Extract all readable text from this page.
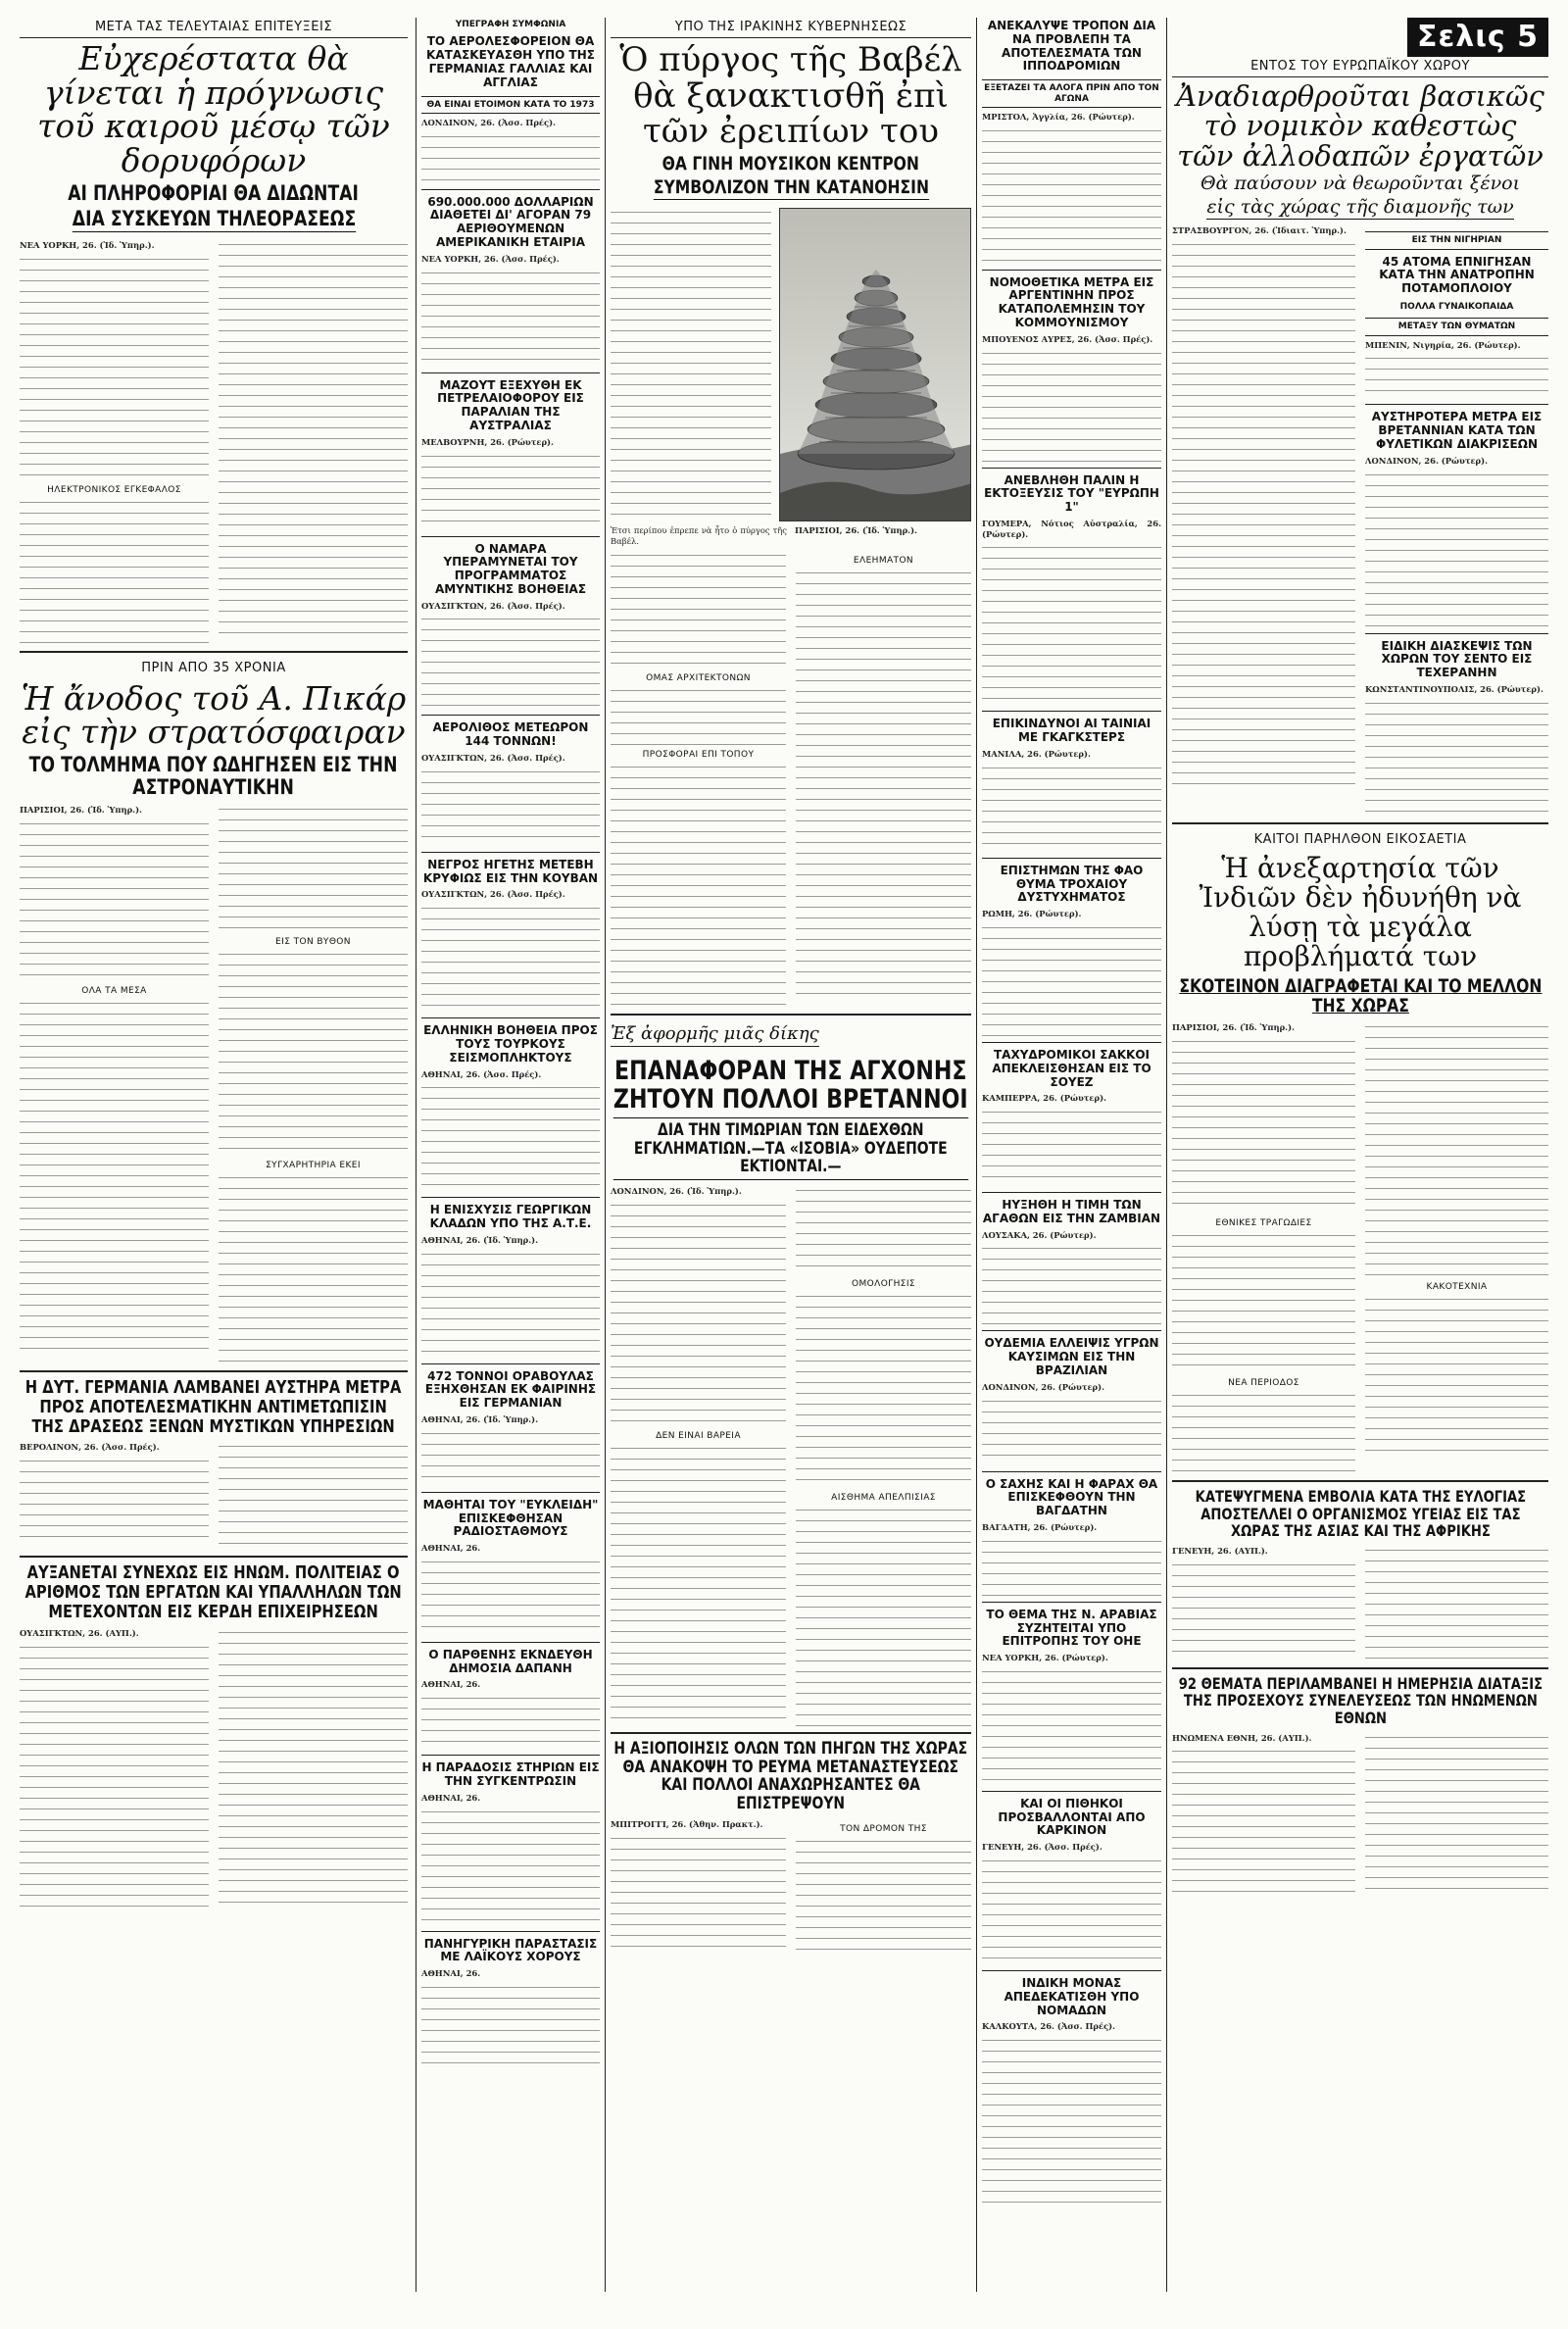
ΜΕΤΑ ΤΑΣ ΤΕΛΕΥΤΑΙΑΣ ΕΠΙΤΕΥΞΕΙΣ
Εὐχερέστατα θὰ γίνεται ἡ πρόγνωσις τοῦ καιροῦ μέσῳ τῶν δορυφόρων
ΑΙ ΠΛΗΡΟΦΟΡΙΑΙ ΘΑ ΔΙΔΩΝΤΑΙ
ΔΙΑ ΣΥΣΚΕΥΩΝ ΤΗΛΕΟΡΑΣΕΩΣ

ΝΕΑ ΥΟΡΚΗ, 26. (Ἰδ. Ὑπηρ.).

ΗΛΕΚΤΡΟΝΙΚΟΣ ΕΓΚΕΦΑΛΟΣ
ΠΡΙΝ ΑΠΟ 35 ΧΡΟΝΙΑ
Ἡ ἄνοδος τοῦ Α. Πικάρ εἰς τὴν στρατόσφαιραν
ΤΟ ΤΟΛΜΗΜΑ ΠΟΥ ΩΔΗΓΗΣΕΝ ΕΙΣ ΤΗΝ ΑΣΤΡΟΝΑΥΤΙΚΗΝ

ΠΑΡΙΣΙΟΙ, 26. (Ἰδ. Ὑπηρ.).

ΟΛΑ ΤΑ ΜΕΣΑ
ΕΙΣ ΤΟΝ ΒΥΘΟΝ
ΣΥΓΧΑΡΗΤΗΡΙΑ ΕΚΕΙ
Η ΔΥΤ. ΓΕΡΜΑΝΙΑ ΛΑΜΒΑΝΕΙ ΑΥΣΤΗΡΑ ΜΕΤΡΑ ΠΡΟΣ ΑΠΟΤΕΛΕΣΜΑΤΙΚΗΝ ΑΝΤΙΜΕΤΩΠΙΣΙΝ ΤΗΣ ΔΡΑΣΕΩΣ ΞΕΝΩΝ ΜΥΣΤΙΚΩΝ ΥΠΗΡΕΣΙΩΝ

ΒΕΡΟΛΙΝΟΝ, 26. (Ἀσσ. Πρές).

ΑΥΞΑΝΕΤΑΙ ΣΥΝΕΧΩΣ ΕΙΣ ΗΝΩΜ. ΠΟΛΙΤΕΙΑΣ Ο ΑΡΙΘΜΟΣ ΤΩΝ ΕΡΓΑΤΩΝ ΚΑΙ ΥΠΑΛΛΗΛΩΝ ΤΩΝ ΜΕΤΕΧΟΝΤΩΝ ΕΙΣ ΚΕΡΔΗ ΕΠΙΧΕΙΡΗΣΕΩΝ

ΟΥΑΣΙΓΚΤΩΝ, 26. (ΑΥΠ.).

ΥΠΕΓΡΑΦΗ ΣΥΜΦΩΝΙΑ
ΤΟ ΑΕΡΟΛΕΣΦΟΡΕΙΟΝ ΘΑ ΚΑΤΑΣΚΕΥΑΣΘΗ ΥΠΟ ΤΗΣ ΓΕΡΜΑΝΙΑΣ ΓΑΛΛΙΑΣ ΚΑΙ ΑΓΓΛΙΑΣ
ΘΑ ΕΙΝΑΙ ΕΤΟΙΜΟΝ ΚΑΤΑ ΤΟ 1973

ΛΟΝΔΙΝΟΝ, 26. (Ἀσσ. Πρές).

690.000.000 ΔΟΛΛΑΡΙΩΝ ΔΙΑΘΕΤΕΙ ΔΙ' ΑΓΟΡΑΝ 79 ΑΕΡΙΘΟΥΜΕΝΩΝ ΑΜΕΡΙΚΑΝΙΚΗ ΕΤΑΙΡΙΑ

ΝΕΑ ΥΟΡΚΗ, 26. (Ἀσσ. Πρές).

ΜΑΖΟΥΤ ΕΞΕΧΥΘΗ ΕΚ ΠΕΤΡΕΛΑΙΟΦΟΡΟΥ ΕΙΣ ΠΑΡΑΛΙΑΝ ΤΗΣ ΑΥΣΤΡΑΛΙΑΣ

ΜΕΛΒΟΥΡΝΗ, 26. (Ρώυτερ).

Ο ΝΑΜΑΡΑ ΥΠΕΡΑΜΥΝΕΤΑΙ ΤΟΥ ΠΡΟΓΡΑΜΜΑΤΟΣ ΑΜΥΝΤΙΚΗΣ ΒΟΗΘΕΙΑΣ

ΟΥΑΣΙΓΚΤΩΝ, 26. (Ἀσσ. Πρές).

ΑΕΡΟΛΙΘΟΣ ΜΕΤΕΩΡΟΝ 144 ΤΟΝΝΩΝ!

ΟΥΑΣΙΓΚΤΩΝ, 26. (Ἀσσ. Πρές).

ΝΕΓΡΟΣ ΗΓΕΤΗΣ ΜΕΤΕΒΗ ΚΡΥΦΙΩΣ ΕΙΣ ΤΗΝ ΚΟΥΒΑΝ

ΟΥΑΣΙΓΚΤΩΝ, 26. (Ἀσσ. Πρές).

ΕΛΛΗΝΙΚΗ ΒΟΗΘΕΙΑ ΠΡΟΣ ΤΟΥΣ ΤΟΥΡΚΟΥΣ ΣΕΙΣΜΟΠΛΗΚΤΟΥΣ

ΑΘΗΝΑΙ, 26. (Ἀσσ. Πρές).

Η ΕΝΙΣΧΥΣΙΣ ΓΕΩΡΓΙΚΩΝ ΚΛΑΔΩΝ ΥΠΟ ΤΗΣ Α.Τ.Ε.

ΑΘΗΝΑΙ, 26. (Ἰδ. Ὑπηρ.).

472 ΤΟΝΝΟΙ ΟΡΑΒΟΥΛΑΣ ΕΞΗΧΘΗΣΑΝ ΕΚ ΦΑΙΡΙΝΗΣ ΕΙΣ ΓΕΡΜΑΝΙΑΝ

ΑΘΗΝΑΙ, 26. (Ἰδ. Ὑπηρ.).

ΜΑΘΗΤΑΙ ΤΟΥ "ΕΥΚΛΕΙΔΗ" ΕΠΙΣΚΕΦΘΗΣΑΝ ΡΑΔΙΟΣΤΑΘΜΟΥΣ

ΑΘΗΝΑΙ, 26.

Ο ΠΑΡΘΕΝΗΣ ΕΚΝΔΕΥΘΗ ΔΗΜΟΣΙΑ ΔΑΠΑΝΗ

ΑΘΗΝΑΙ, 26.

Η ΠΑΡΑΔΟΣΙΣ ΣΤΗΡΙΩΝ ΕΙΣ ΤΗΝ ΣΥΓΚΕΝΤΡΩΣΙΝ

ΑΘΗΝΑΙ, 26.

ΠΑΝΗΓΥΡΙΚΗ ΠΑΡΑΣΤΑΣΙΣ ΜΕ ΛΑΪΚΟΥΣ ΧΟΡΟΥΣ

ΑΘΗΝΑΙ, 26.

ΥΠΟ ΤΗΣ ΙΡΑΚΙΝΗΣ ΚΥΒΕΡΝΗΣΕΩΣ
Ὁ πύργος τῆς Βαβέλ θὰ ξανακτισθῆ ἐπὶ τῶν ἐρειπίων του
ΘΑ ΓΙΝΗ ΜΟΥΣΙΚΟΝ ΚΕΝΤΡΟΝ
ΣΥΜΒΟΛΙΖΟΝ ΤΗΝ ΚΑΤΑΝΟΗΣΙΝ

Ἐτσι περίπου ἐπρεπε νὰ ἦτο ὁ πύργος τῆς Βαβέλ.

ΠΑΡΙΣΙΟΙ, 26. (Ἰδ. Ὑπηρ.).

ΟΜΑΣ ΑΡΧΙΤΕΚΤΟΝΩΝ
ΠΡΟΣΦΟΡΑΙ ΕΠΙ ΤΟΠΟΥ
ΕΛΕΗΜΑΤΟΝ
Ἐξ ἀφορμῆς μιᾶς δίκης
ΕΠΑΝΑΦΟΡΑΝ ΤΗΣ ΑΓΧΟΝΗΣ ΖΗΤΟΥΝ ΠΟΛΛΟΙ ΒΡΕΤΑΝΝΟΙ
ΔΙΑ ΤΗΝ ΤΙΜΩΡΙΑΝ ΤΩΝ ΕΙΔΕΧΘΩΝ ΕΓΚΛΗΜΑΤΙΩΝ.—ΤΑ «ΙΣΟΒΙΑ» ΟΥΔΕΠΟΤΕ ΕΚΤΙΟΝΤΑΙ.—

ΛΟΝΔΙΝΟΝ, 26. (Ἰδ. Ὑπηρ.).

ΔΕΝ ΕΙΝΑΙ ΒΑΡΕΙΑ
ΟΜΟΛΟΓΗΣΙΣ
ΑΙΣΘΗΜΑ ΑΠΕΛΠΙΣΙΑΣ
Η ΑΞΙΟΠΟΙΗΣΙΣ ΟΛΩΝ ΤΩΝ ΠΗΓΩΝ ΤΗΣ ΧΩΡΑΣ ΘΑ ΑΝΑΚΟΨΗ ΤΟ ΡΕΥΜΑ ΜΕΤΑΝΑΣΤΕΥΣΕΩΣ ΚΑΙ ΠΟΛΛΟΙ ΑΝΑΧΩΡΗΣΑΝΤΕΣ ΘΑ ΕΠΙΣΤΡΕΨΟΥΝ

ΜΠΙΤΡΟΓΓΙ, 26. (Ἀθην. Πρακτ.).	ΤΟΝ ΔΡΟΜΟΝ ΤΗΣ
ΑΝΕΚΑΛΥΨΕ ΤΡΟΠΟΝ ΔΙΑ ΝΑ ΠΡΟΒΛΕΠΗ ΤΑ ΑΠΟΤΕΛΕΣΜΑΤΑ ΤΩΝ ΙΠΠΟΔΡΟΜΙΩΝ
ΕΞΕΤΑΖΕΙ ΤΑ ΑΛΟΓΑ ΠΡΙΝ ΑΠΟ ΤΟΝ ΑΓΩΝΑ

ΜΡΙΣΤΟΛ, Ἀγγλία, 26. (Ρώυτερ).

ΝΟΜΟΘΕΤΙΚΑ ΜΕΤΡΑ ΕΙΣ ΑΡΓΕΝΤΙΝΗΝ ΠΡΟΣ ΚΑΤΑΠΟΛΕΜΗΣΙΝ ΤΟΥ ΚΟΜΜΟΥΝΙΣΜΟΥ

ΜΠΟΥΕΝΟΣ ΑΥΡΕΣ, 26. (Ἀσσ. Πρές).

ΑΝΕΒΛΗΘΗ ΠΑΛΙΝ Η ΕΚΤΟΞΕΥΣΙΣ ΤΟΥ "ΕΥΡΩΠΗ 1"

ΓΟΥΜΕΡΑ, Νότιος Αὐστραλία, 26. (Ρώυτερ).

ΕΠΙΚΙΝΔΥΝΟΙ ΑΙ ΤΑΙΝΙΑΙ ΜΕ ΓΚΑΓΚΣΤΕΡΣ

ΜΑΝΙΛΑ, 26. (Ρώυτερ).

ΕΠΙΣΤΗΜΩΝ ΤΗΣ ΦΑΟ ΘΥΜΑ ΤΡΟΧΑΙΟΥ ΔΥΣΤΥΧΗΜΑΤΟΣ

ΡΩΜΗ, 26. (Ρώυτερ).

ΤΑΧΥΔΡΟΜΙΚΟΙ ΣΑΚΚΟΙ ΑΠΕΚΛΕΙΣΘΗΣΑΝ ΕΙΣ ΤΟ ΣΟΥΕΖ

ΚΑΜΠΕΡΡΑ, 26. (Ρώυτερ).

ΗΥΞΗΘΗ Η ΤΙΜΗ ΤΩΝ ΑΓΑΘΩΝ ΕΙΣ ΤΗΝ ΖΑΜΒΙΑΝ

ΛΟΥΣΑΚΑ, 26. (Ρώυτερ).

ΟΥΔΕΜΙΑ ΕΛΛΕΙΨΙΣ ΥΓΡΩΝ ΚΑΥΣΙΜΩΝ ΕΙΣ ΤΗΝ ΒΡΑΖΙΛΙΑΝ

ΛΟΝΔΙΝΟΝ, 26. (Ρώυτερ).

Ο ΣΑΧΗΣ ΚΑΙ Η ΦΑΡΑΧ ΘΑ ΕΠΙΣΚΕΦΘΟΥΝ ΤΗΝ ΒΑΓΔΑΤΗΝ

ΒΑΓΔΑΤΗ, 26. (Ρώυτερ).

ΤΟ ΘΕΜΑ ΤΗΣ Ν. ΑΡΑΒΙΑΣ ΣΥΖΗΤΕΙΤΑΙ ΥΠΟ ΕΠΙΤΡΟΠΗΣ ΤΟΥ ΟΗΕ

ΝΕΑ ΥΟΡΚΗ, 26. (Ρώυτερ).

ΚΑΙ ΟΙ ΠΙΘΗΚΟΙ ΠΡΟΣΒΑΛΛΟΝΤΑΙ ΑΠΟ ΚΑΡΚΙΝΟΝ

ΓΕΝΕΥΗ, 26. (Ἀσσ. Πρές).

ΙΝΔΙΚΗ ΜΟΝΑΣ ΑΠΕΔΕΚΑΤΙΣΘΗ ΥΠΟ ΝΟΜΑΔΩΝ

ΚΑΛΚΟΥΤΑ, 26. (Ἀσσ. Πρές).

Σελις 5
ΕΝΤΟΣ ΤΟΥ ΕΥΡΩΠΑΪΚΟΥ ΧΩΡΟΥ
Ἀναδιαρθροῦται βασικῶς τὸ νομικὸν καθεστὼς τῶν ἀλλοδαπῶν ἐργατῶν
Θὰ παύσουν νὰ θεωροῦνται ξένοι
εἰς τὰς χώρας τῆς διαμονῆς των

ΣΤΡΑΣΒΟΥΡΓΟΝ, 26. (Ἰδιαιτ. Ὑπηρ.).

ΕΙΣ ΤΗΝ ΝΙΓΗΡΙΑΝ
45 ΑΤΟΜΑ ΕΠΝΙΓΗΣΑΝ ΚΑΤΑ ΤΗΝ ΑΝΑΤΡΟΠΗΝ ΠΟΤΑΜΟΠΛΟΙΟΥ
ΠΟΛΛΑ ΓΥΝΑΙΚΟΠΑΙΔΑ
ΜΕΤΑΞΥ ΤΩΝ ΘΥΜΑΤΩΝ

ΜΠΕΝΙΝ, Νιγηρία, 26. (Ρώυτερ).

ΑΥΣΤΗΡΟΤΕΡΑ ΜΕΤΡΑ ΕΙΣ ΒΡΕΤΑΝΝΙΑΝ ΚΑΤΑ ΤΩΝ ΦΥΛΕΤΙΚΩΝ ΔΙΑΚΡΙΣΕΩΝ

ΛΟΝΔΙΝΟΝ, 26. (Ρώυτερ).

ΕΙΔΙΚΗ ΔΙΑΣΚΕΨΙΣ ΤΩΝ ΧΩΡΩΝ ΤΟΥ ΣΕΝΤΟ ΕΙΣ ΤΕΧΕΡΑΝΗΝ

ΚΩΝΣΤΑΝΤΙΝΟΥΠΟΛΙΣ, 26. (Ρώυτερ).

ΚΑΙΤΟΙ ΠΑΡΗΛΘΟΝ ΕΙΚΟΣΑΕΤΙΑ
Ἡ ἀνεξαρτησία τῶν Ἰνδιῶν δὲν ἠδυνήθη νὰ λύσῃ τὰ μεγάλα προβλήματά των
ΣΚΟΤΕΙΝΟΝ ΔΙΑΓΡΑΦΕΤΑΙ ΚΑΙ ΤΟ ΜΕΛΛΟΝ ΤΗΣ ΧΩΡΑΣ

ΠΑΡΙΣΙΟΙ, 26. (Ἰδ. Ὑπηρ.).

ΕΘΝΙΚΕΣ ΤΡΑΓΩΔΙΕΣ
ΝΕΑ ΠΕΡΙΟΔΟΣ
ΚΑΚΟΤΕΧΝΙΑ
ΚΑΤΕΨΥΓΜΕΝΑ ΕΜΒΟΛΙΑ ΚΑΤΑ ΤΗΣ ΕΥΛΟΓΙΑΣ ΑΠΟΣΤΕΛΛΕΙ Ο ΟΡΓΑΝΙΣΜΟΣ ΥΓΕΙΑΣ ΕΙΣ ΤΑΣ ΧΩΡΑΣ ΤΗΣ ΑΣΙΑΣ ΚΑΙ ΤΗΣ ΑΦΡΙΚΗΣ

ΓΕΝΕΥΗ, 26. (ΑΥΠ.).

92 ΘΕΜΑΤΑ ΠΕΡΙΛΑΜΒΑΝΕΙ Η ΗΜΕΡΗΣΙΑ ΔΙΑΤΑΞΙΣ ΤΗΣ ΠΡΟΣΕΧΟΥΣ ΣΥΝΕΛΕΥΣΕΩΣ ΤΩΝ ΗΝΩΜΕΝΩΝ ΕΘΝΩΝ

ΗΝΩΜΕΝΑ ΕΘΝΗ, 26. (ΑΥΠ.).
